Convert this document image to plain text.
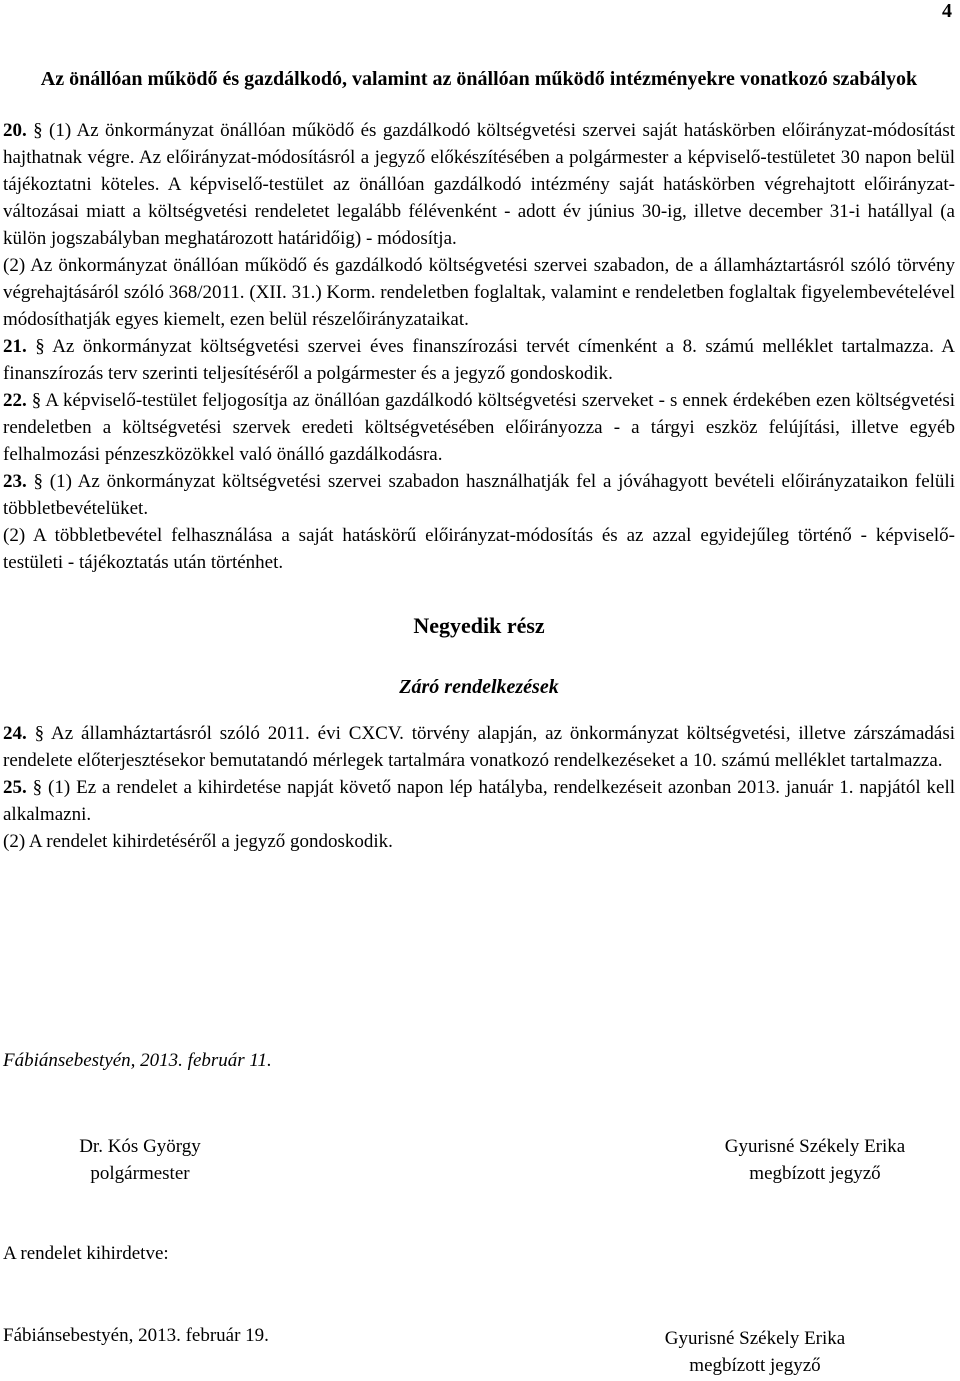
4
Az önállóan működő és gazdálkodó, valamint az önállóan működő intézményekre vonatkozó szabályok

20. § (1) Az önkormányzat önállóan működő és gazdálkodó költségvetési szervei saját hatáskörben előirányzat-módosítást hajthatnak végre. Az előirányzat-módosításról a jegyző előkészítésében a polgármester a képviselő-testületet 30 napon belül tájékoztatni köteles. A képviselő-testület az önállóan gazdálkodó intézmény saját hatáskörben végrehajtott előirányzat-változásai miatt a költségvetési rendeletet legalább félévenként - adott év június 30-ig, illetve december 31-i hatállyal (a külön jogszabályban meghatározott határidőig) - módosítja.

(2) Az önkormányzat önállóan működő és gazdálkodó költségvetési szervei szabadon, de a államháztartásról szóló törvény végrehajtásáról szóló 368/2011. (XII. 31.) Korm. rendeletben foglaltak, valamint e rendeletben foglaltak figyelembevételével módosíthatják egyes kiemelt, ezen belül részelőirányzataikat.

21. § Az önkormányzat költségvetési szervei éves finanszírozási tervét címenként a 8. számú melléklet tartalmazza. A finanszírozás terv szerinti teljesítéséről a polgármester és a jegyző gondoskodik.

22. § A képviselő-testület feljogosítja az önállóan gazdálkodó költségvetési szerveket - s ennek érdekében ezen költségvetési rendeletben a költségvetési szervek eredeti költségvetésében előirányozza - a tárgyi eszköz felújítási, illetve egyéb felhalmozási pénzeszközökkel való önálló gazdálkodásra.

23. § (1) Az önkormányzat költségvetési szervei szabadon használhatják fel a jóváhagyott bevételi előirányzataikon felüli többletbevételüket.

(2) A többletbevétel felhasználása a saját hatáskörű előirányzat-módosítás és az azzal egyidejűleg történő - képviselő-testületi - tájékoztatás után történhet.

Negyedik rész
Záró rendelkezések

24. § Az államháztartásról szóló 2011. évi CXCV. törvény alapján, az önkormányzat költségvetési, illetve zárszámadási rendelete előterjesztésekor bemutatandó mérlegek tartalmára vonatkozó rendelkezéseket a 10. számú melléklet tartalmazza.

25. § (1) Ez a rendelet a kihirdetése napját követő napon lép hatályba, rendelkezéseit azonban 2013. január 1. napjától kell alkalmazni.

(2) A rendelet kihirdetéséről a jegyző gondoskodik.

Fábiánsebestyén, 2013. február 11.
Dr. Kós György
polgármester
Gyurisné Székely Erika
megbízott jegyző
A rendelet kihirdetve:
Fábiánsebestyén, 2013. február 19.	Gyurisné Székely Erika
megbízott jegyző
